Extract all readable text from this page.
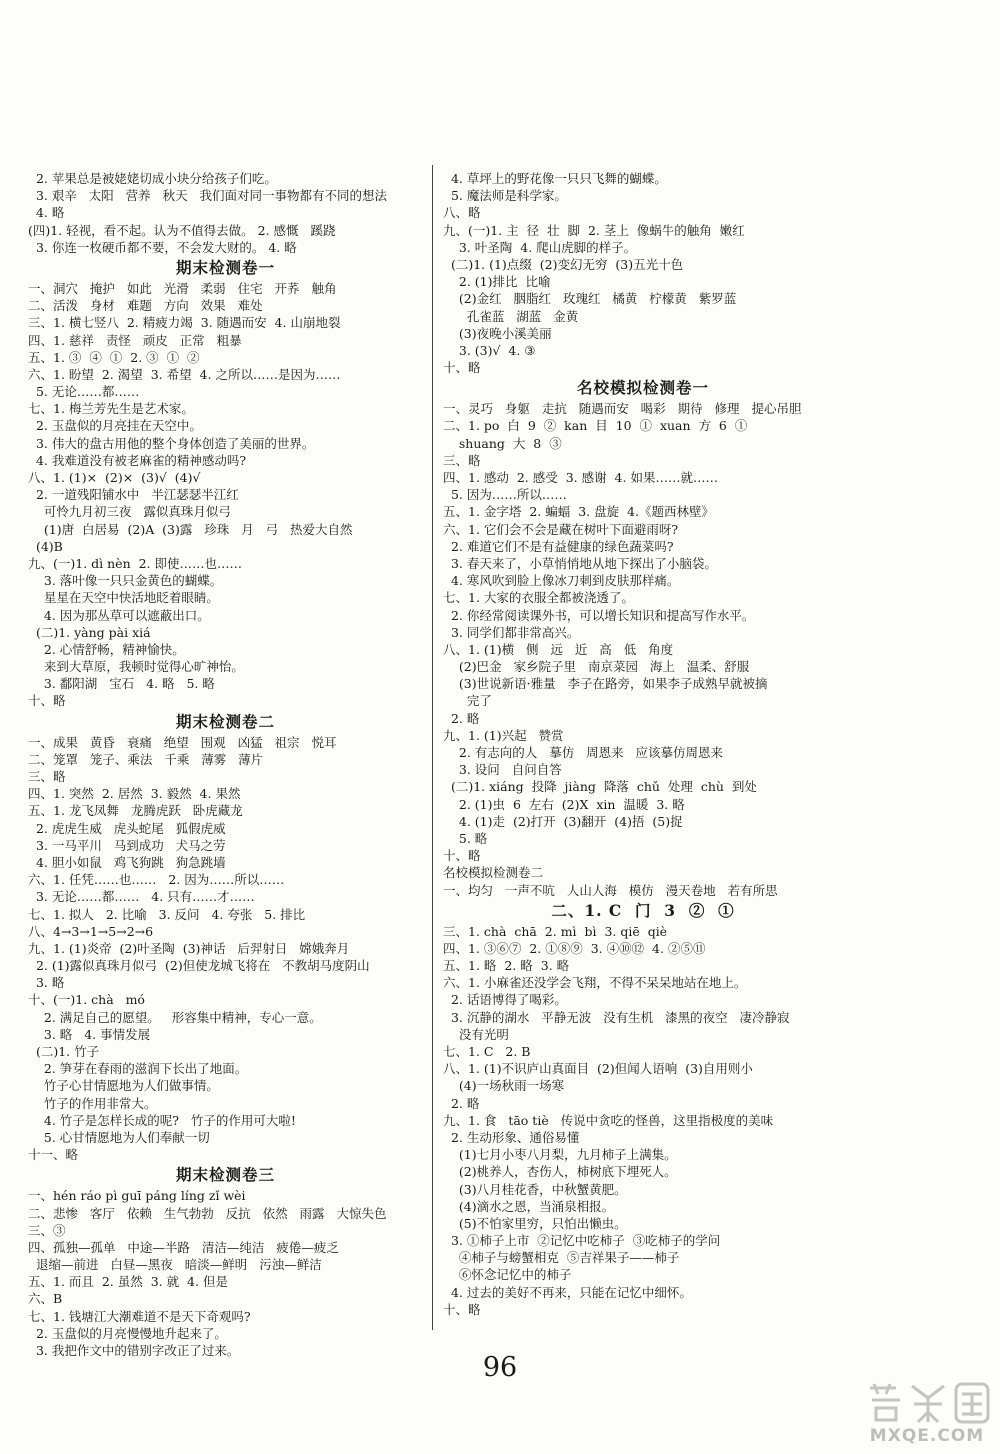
2. 苹果总是被姥姥切成小块分给孩子们吃。
3. 艰辛   太阳   营养   秋天   我们面对同一事物都有不同的想法
4. 略
(四)1. 轻视，看不起。认为不值得去做。 2. 感慨   蹊跷
3. 你连一枚硬币都不要，不会发大财的。 4. 略
期末检测卷一
一、洞穴   掩护   如此   光滑   柔弱   住宅   开荞   触角
二、活泼   身材   难题   方向   效果   难处
三、1. 横七竖八  2. 精疲力竭  3. 随遇而安  4. 山崩地裂
四、1. 慈祥   责怪   顽皮   正常   粗暴
五、1. ③  ④  ①  2. ③  ①  ②
六、1. 盼望  2. 渴望  3. 希望  4. 之所以……是因为……
5. 无论……都……
七、1. 梅兰芳先生是艺术家。
2. 玉盘似的月亮挂在天空中。
3. 伟大的盘古用他的整个身体创造了美丽的世界。
4. 我难道没有被老麻雀的精神感动吗?
八、1. (1)×  (2)×  (3)√  (4)√
2. 一道残阳铺水中   半江瑟瑟半江红
可怜九月初三夜   露似真珠月似弓
(1)唐  白居易  (2)A  (3)露   珍珠   月   弓   热爱大自然
(4)B
九、(一)1. dì nèn  2. 即使……也……
3. 落叶像一只只金黄色的蝴蝶。
星星在天空中快活地眨着眼睛。
4. 因为那丛草可以遮蔽出口。
(二)1. yàng pài xiá
2. 心情舒畅，精神愉快。
来到大草原，我顿时觉得心旷神怡。
3. 鄱阳湖   宝石   4. 略   5. 略
十、略
期末检测卷二
一、成果   黄昏   衰痛   绝望   围观   凶猛   祖宗   悦耳
二、笼罩   笼子、乘法   千乘   薄雾   薄片
三、略
四、1. 突然  2. 居然  3. 毅然  4. 果然
五、1. 龙飞凤舞   龙腾虎跃   卧虎藏龙
2. 虎虎生威   虎头蛇尾   狐假虎威
3. 一马平川   马到成功   犬马之劳
4. 胆小如鼠   鸡飞狗跳   狗急跳墙
六、1. 任凭……也……   2. 因为……所以……
3. 无论……都……   4. 只有……才……
七、1. 拟人   2. 比喻   3. 反问   4. 夸张   5. 排比
八、4→3→1→5→2→6
九、1. (1)炎帝  (2)叶圣陶  (3)神话   后羿射日   嫦娥奔月
2. (1)露似真珠月似弓  (2)但使龙城飞将在   不教胡马度阴山
3. 略
十、(一)1. chà   mó
2. 满足自己的愿望。   形容集中精神，专心一意。
3. 略   4. 事情发展
(二)1. 竹子
2. 笋芽在春雨的滋润下长出了地面。
竹子心甘情愿地为人们做事情。
竹子的作用非常大。
4. 竹子是怎样长成的呢?   竹子的作用可大啦!
5. 心甘情愿地为人们奉献一切
十一、略
期末检测卷三
一、hén ráo pì guī páng líng zǐ wèi
二、悲惨   客厅   依赖   生气勃勃   反抗   依然   雨露   大惊失色
三、③
四、孤独—孤单   中途—半路   清洁—纯洁   疲倦—疲乏
退缩—前进   白昼—黑夜   暗淡—鲜明   污浊—鲜洁
五、1. 而且  2. 虽然  3. 就  4. 但是
六、B
七、1. 钱塘江大潮难道不是天下奇观吗?
2. 玉盘似的月亮慢慢地升起来了。
3. 我把作文中的错别字改正了过来。
4. 草坪上的野花像一只只飞舞的蝴蝶。
5. 魔法师是科学家。
八、略
九、(一)1. 主  径  壮  脚  2. 茎上  像蜗牛的触角  嫩红
3. 叶圣陶  4. 爬山虎脚的样子。
(二)1. (1)点缀  (2)变幻无穷  (3)五光十色
2. (1)排比  比喻
(2)金红   胭脂红   玫瑰红   橘黄   柠檬黄   紫罗蓝
孔雀蓝   湖蓝   金黄
(3)夜晚小溪美丽
3. (3)√  4. ③
十、略
名校模拟检测卷一
一、灵巧   身躯   走抗   随遇而安   喝彩   期待   修理   提心吊胆
二、1. po  白  9  ②  kan  目  10  ①  xuan  方  6  ①
shuang  大  8  ③
三、略
四、1. 感动  2. 感受  3. 感谢  4. 如果……就……
5. 因为……所以……
五、1. 金字塔  2. 蝙蝠  3. 盘旋  4.《题西林壁》
六、1. 它们会不会是藏在树叶下面避雨呀?
2. 难道它们不是有益健康的绿色蔬菜吗?
3. 春天来了，小草悄悄地从地下探出了小脑袋。
4. 寒风吹到脸上像冰刀刺到皮肤那样痛。
七、1. 大家的衣服全都被浇透了。
2. 你经常阅读课外书，可以增长知识和提高写作水平。
3. 同学们都非常高兴。
八、1. (1)横   侧   远   近   高   低   角度
(2)巴金   家乡院子里   南京菜园   海上   温柔、舒服
(3)世说新语·雅量   李子在路旁，如果李子成熟早就被摘
完了
2. 略
九、1. (1)兴起   赞赏
2. 有志向的人   摹仿   周恩来   应该摹仿周恩来
3. 设问   自问自答
(二)1. xiáng  投降  jiàng  降落  chǔ  处理  chù  到处
2. (1)虫  6  左右  (2)X  xin  温暖  3. 略
4. (1)走  (2)打开  (3)翻开  (4)捂  (5)捉
5. 略
十、略
名校模拟检测卷二
一、均匀   一声不吭   人山人海   模仿   漫天卷地   若有所思
二、1. C  门  3  ②  ①
三、1. chà  chā  2. mì  bì  3. qiē  qiè
四、1. ③⑥⑦  2. ①⑧⑨  3. ④⑩⑫  4. ②⑤⑪
五、1. 略  2. 略  3. 略
六、1. 小麻雀还没学会飞翔，不得不呆呆地站在地上。
2. 话语博得了喝彩。
3. 沉静的湖水   平静无波   没有生机   漆黑的夜空   凄冷静寂
没有光明
七、1. C   2. B
八、1. (1)不识庐山真面目  (2)但闻人语响  (3)自用则小
(4)一场秋雨一场寒
2. 略
九、1. 食   tāo tiè   传说中贪吃的怪兽，这里指极度的美味
2. 生动形象、通俗易懂
(1)七月小枣八月梨，九月柿子上满集。
(2)桃养人，杏伤人，柿树底下埋死人。
(3)八月桂花香，中秋蟹黄肥。
(4)滴水之恩，当涌泉相报。
(5)不怕家里穷，只怕出懒虫。
3. ①柿子上市  ②记忆中吃柿子  ③吃柿子的学问
④柿子与螃蟹相克  ⑤吉祥果子——柿子
⑥怀念记忆中的柿子
4. 过去的美好不再来，只能在记忆中细怀。
十、略
96
MXQE.COM
